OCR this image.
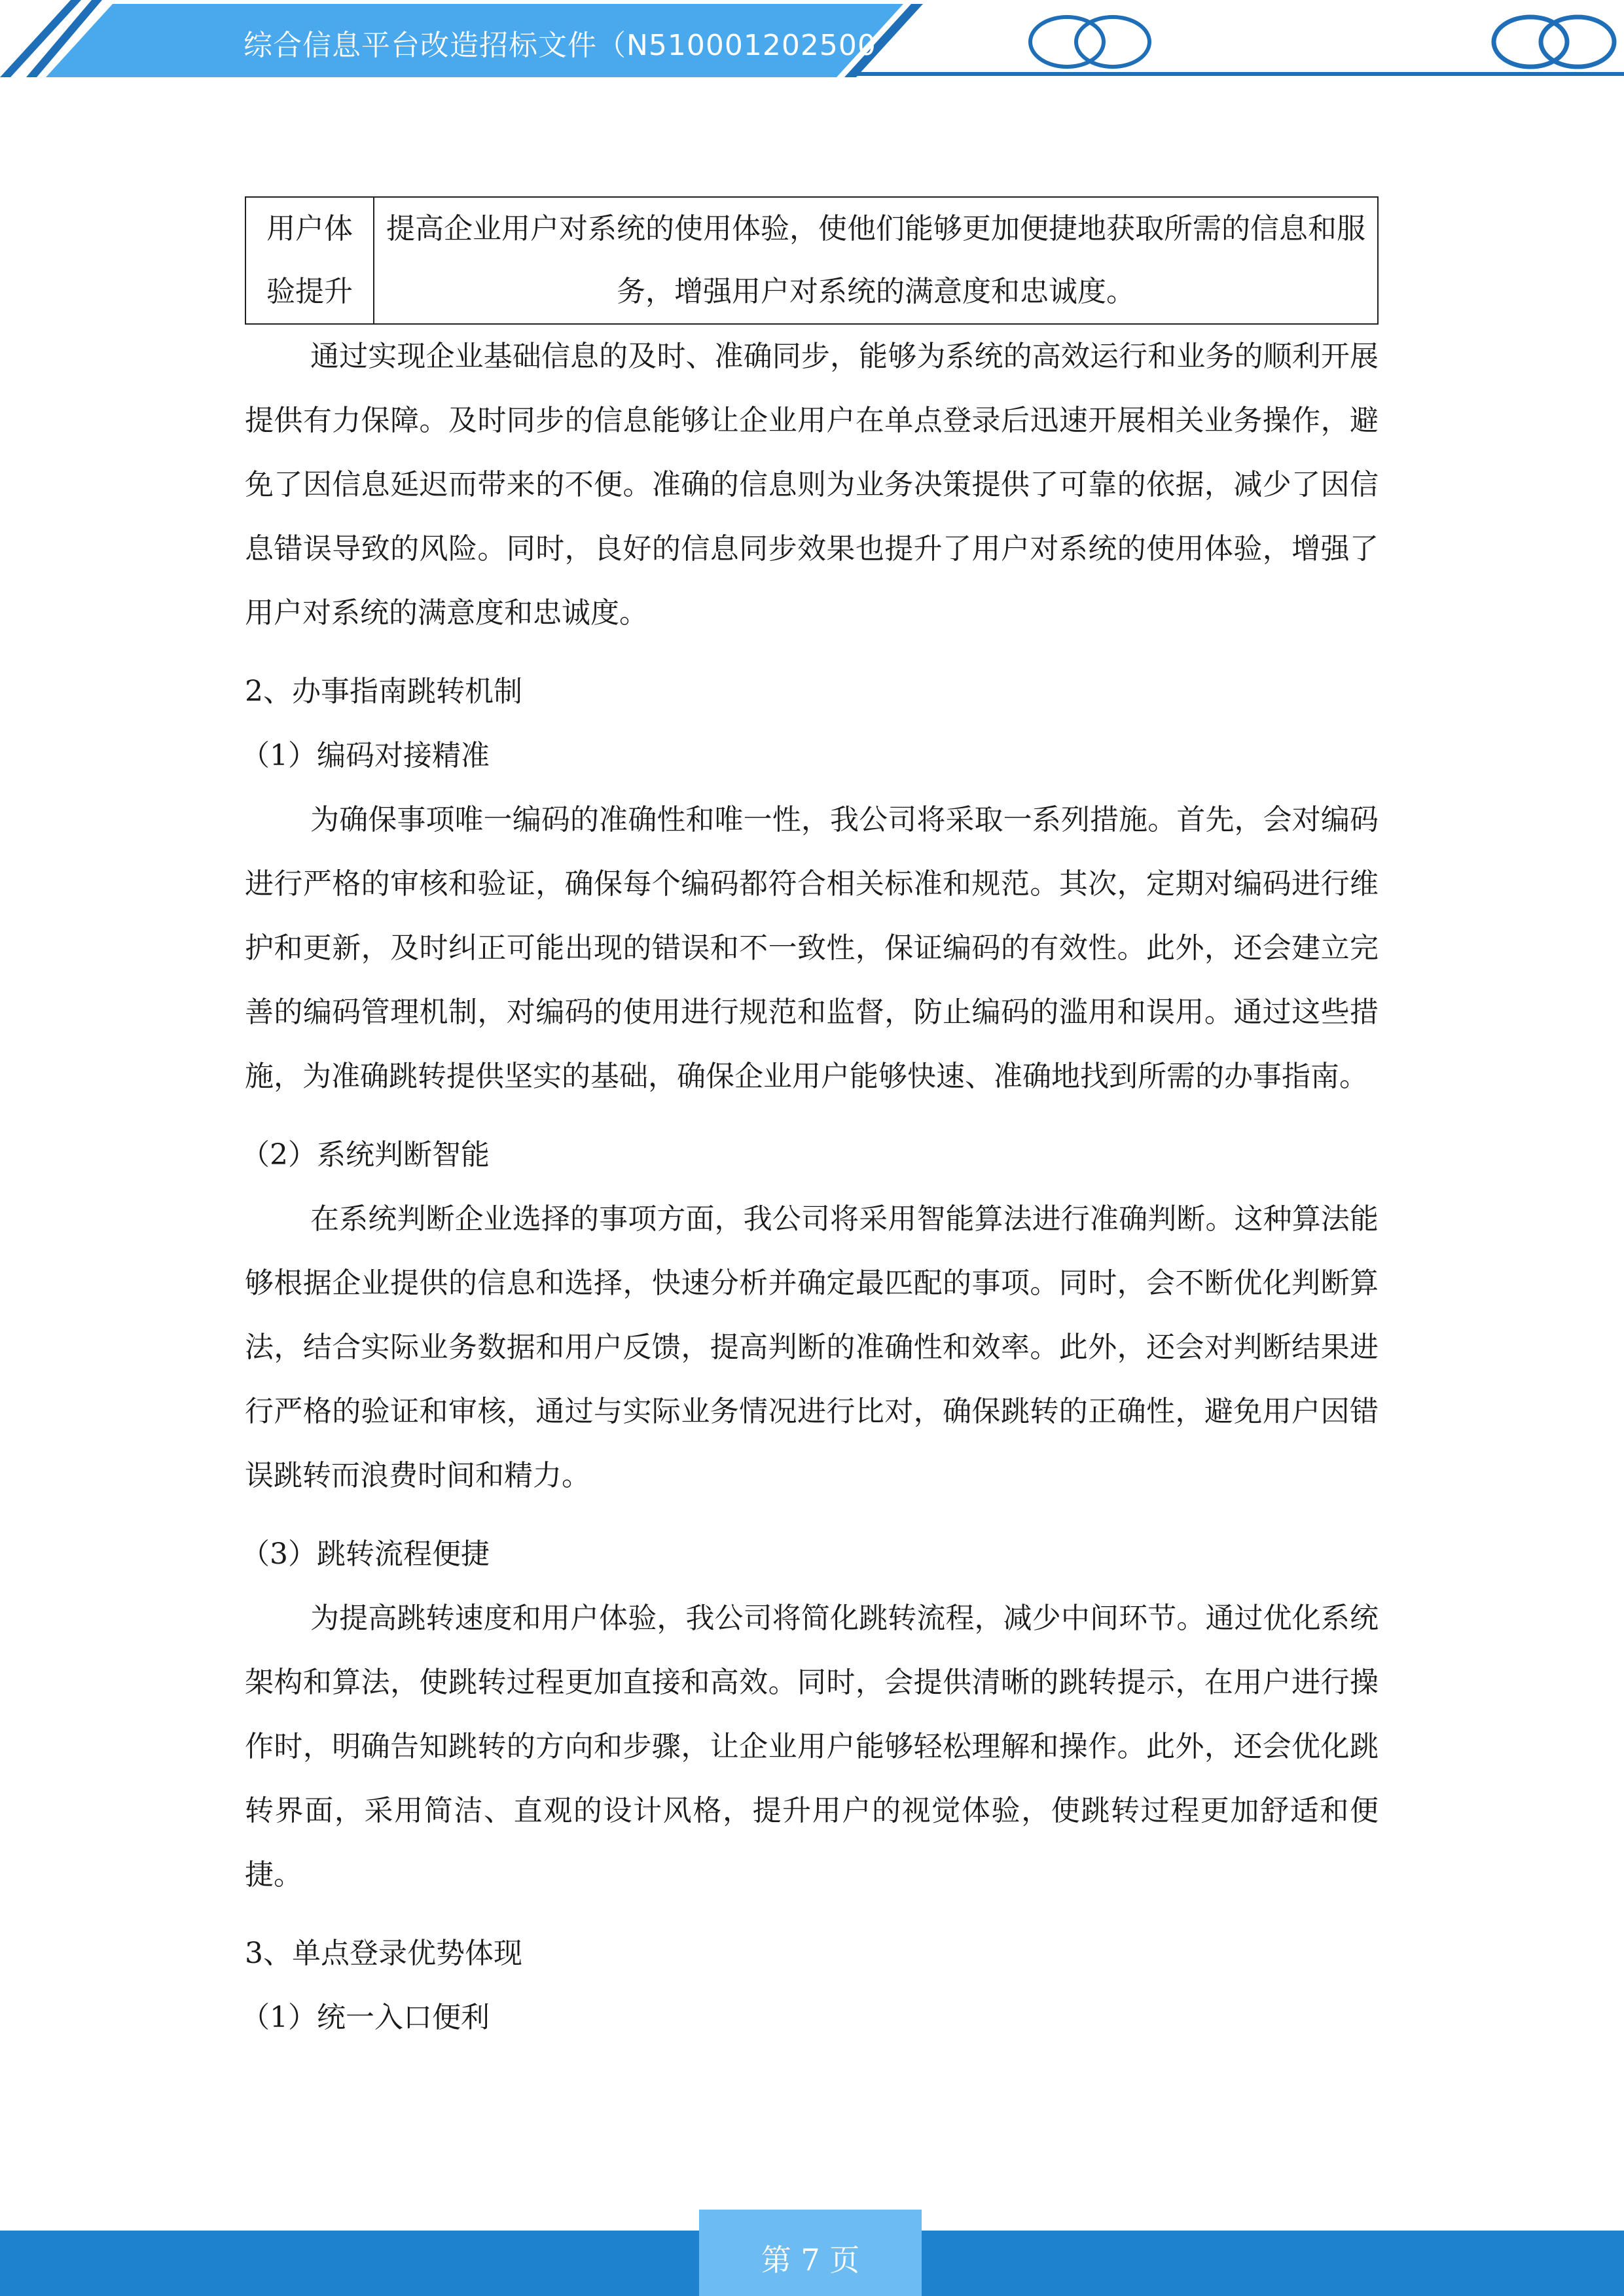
综合信息平台改造招标文件（N510001202500
用户体验提升	提高企业用户对系统的使用体验，使他们能够更加便捷地获取所需的信息和服务，增强用户对系统的满意度和忠诚度。

通过实现企业基础信息的及时、准确同步，能够为系统的高效运行和业务的顺利开展提供有力保障。及时同步的信息能够让企业用户在单点登录后迅速开展相关业务操作，避免了因信息延迟而带来的不便。准确的信息则为业务决策提供了可靠的依据，减少了因信息错误导致的风险。同时，良好的信息同步效果也提升了用户对系统的使用体验，增强了用户对系统的满意度和忠诚度。

2、办事指南跳转机制

（1）编码对接精准

为确保事项唯一编码的准确性和唯一性，我公司将采取一系列措施。首先，会对编码进行严格的审核和验证，确保每个编码都符合相关标准和规范。其次，定期对编码进行维护和更新，及时纠正可能出现的错误和不一致性，保证编码的有效性。此外，还会建立完善的编码管理机制，对编码的使用进行规范和监督，防止编码的滥用和误用。通过这些措施，为准确跳转提供坚实的基础，确保企业用户能够快速、准确地找到所需的办事指南。

（2）系统判断智能

在系统判断企业选择的事项方面，我公司将采用智能算法进行准确判断。这种算法能够根据企业提供的信息和选择，快速分析并确定最匹配的事项。同时，会不断优化判断算法，结合实际业务数据和用户反馈，提高判断的准确性和效率。此外，还会对判断结果进行严格的验证和审核，通过与实际业务情况进行比对，确保跳转的正确性，避免用户因错误跳转而浪费时间和精力。

（3）跳转流程便捷

为提高跳转速度和用户体验，我公司将简化跳转流程，减少中间环节。通过优化系统架构和算法，使跳转过程更加直接和高效。同时，会提供清晰的跳转提示，在用户进行操作时，明确告知跳转的方向和步骤，让企业用户能够轻松理解和操作。此外，还会优化跳转界面，采用简洁、直观的设计风格，提升用户的视觉体验，使跳转过程更加舒适和便捷。

3、单点登录优势体现

（1）统一入口便利

第 7 页
